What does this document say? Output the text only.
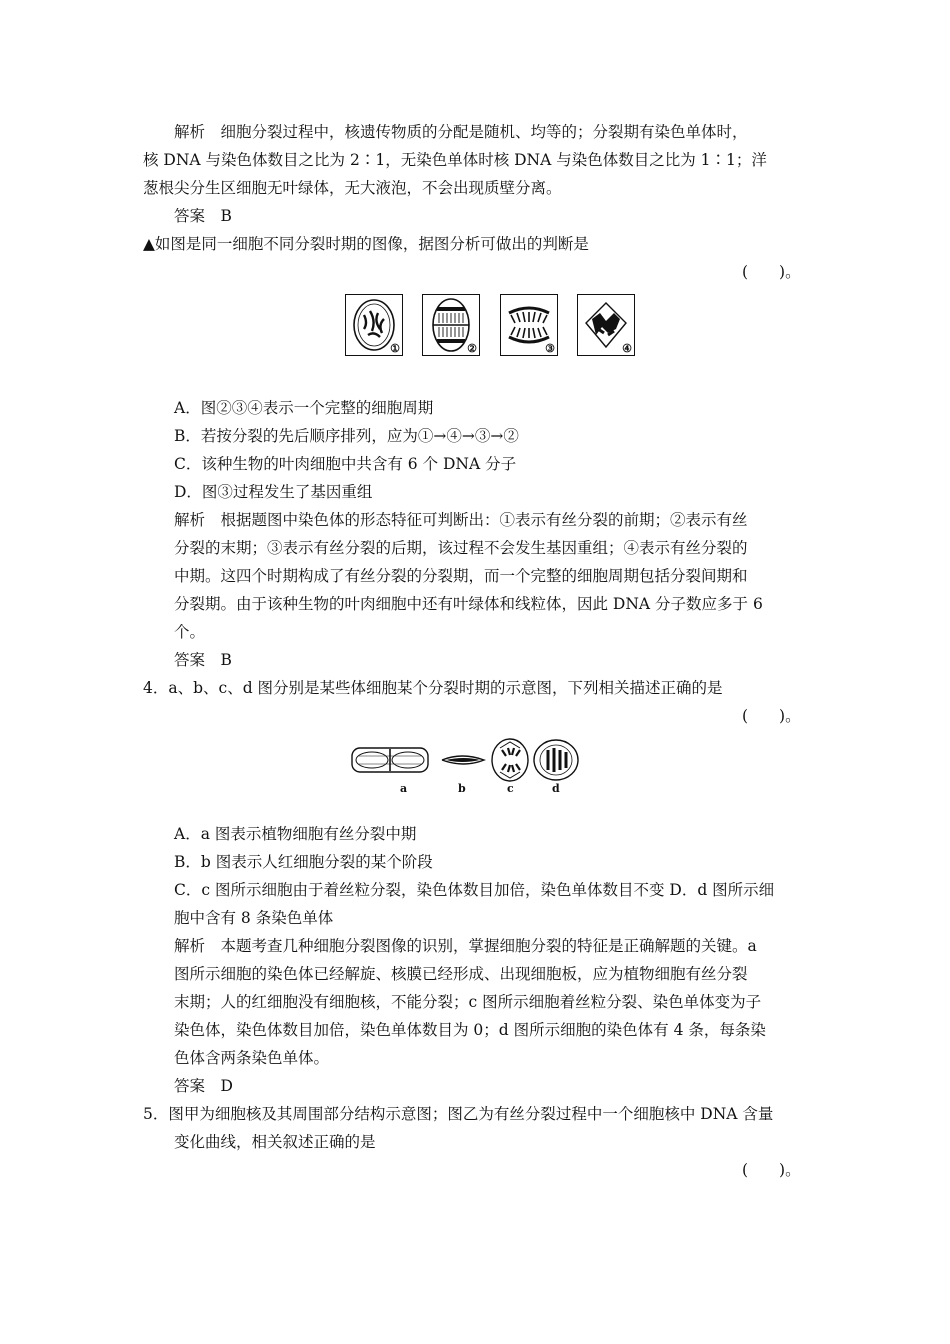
解析　细胞分裂过程中，核遗传物质的分配是随机、均等的；分裂期有染色单体时，
核 DNA 与染色体数目之比为 2∶1，无染色单体时核 DNA 与染色体数目之比为 1∶1；洋
葱根尖分生区细胞无叶绿体，无大液泡，不会出现质壁分离。
答案　B
▲如图是同一细胞不同分裂时期的图像，据图分析可做出的判断是
(　　)。
①	②	③	④
A．图②③④表示一个完整的细胞周期
B．若按分裂的先后顺序排列，应为①→④→③→②
C．该种生物的叶肉细胞中共含有 6 个 DNA 分子
D．图③过程发生了基因重组
解析　根据题图中染色体的形态特征可判断出：①表示有丝分裂的前期；②表示有丝
分裂的末期；③表示有丝分裂的后期，该过程不会发生基因重组；④表示有丝分裂的
中期。这四个时期构成了有丝分裂的分裂期，而一个完整的细胞周期包括分裂间期和
分裂期。由于该种生物的叶肉细胞中还有叶绿体和线粒体，因此 DNA 分子数应多于 6
个。
答案　B
4．a、b、c、d 图分别是某些体细胞某个分裂时期的示意图，下列相关描述正确的是
(　　)。
a	b	c	d
A．a 图表示植物细胞有丝分裂中期
B．b 图表示人红细胞分裂的某个阶段
C．c 图所示细胞由于着丝粒分裂，染色体数目加倍，染色单体数目不变 D．d 图所示细
胞中含有 8 条染色单体
解析　本题考查几种细胞分裂图像的识别，掌握细胞分裂的特征是正确解题的关键。a
图所示细胞的染色体已经解旋、核膜已经形成、出现细胞板，应为植物细胞有丝分裂
末期；人的红细胞没有细胞核，不能分裂；c 图所示细胞着丝粒分裂、染色单体变为子
染色体，染色体数目加倍，染色单体数目为 0；d 图所示细胞的染色体有 4 条，每条染
色体含两条染色单体。
答案　D
5．图甲为细胞核及其周围部分结构示意图；图乙为有丝分裂过程中一个细胞核中 DNA 含量
变化曲线，相关叙述正确的是
(　　)。
